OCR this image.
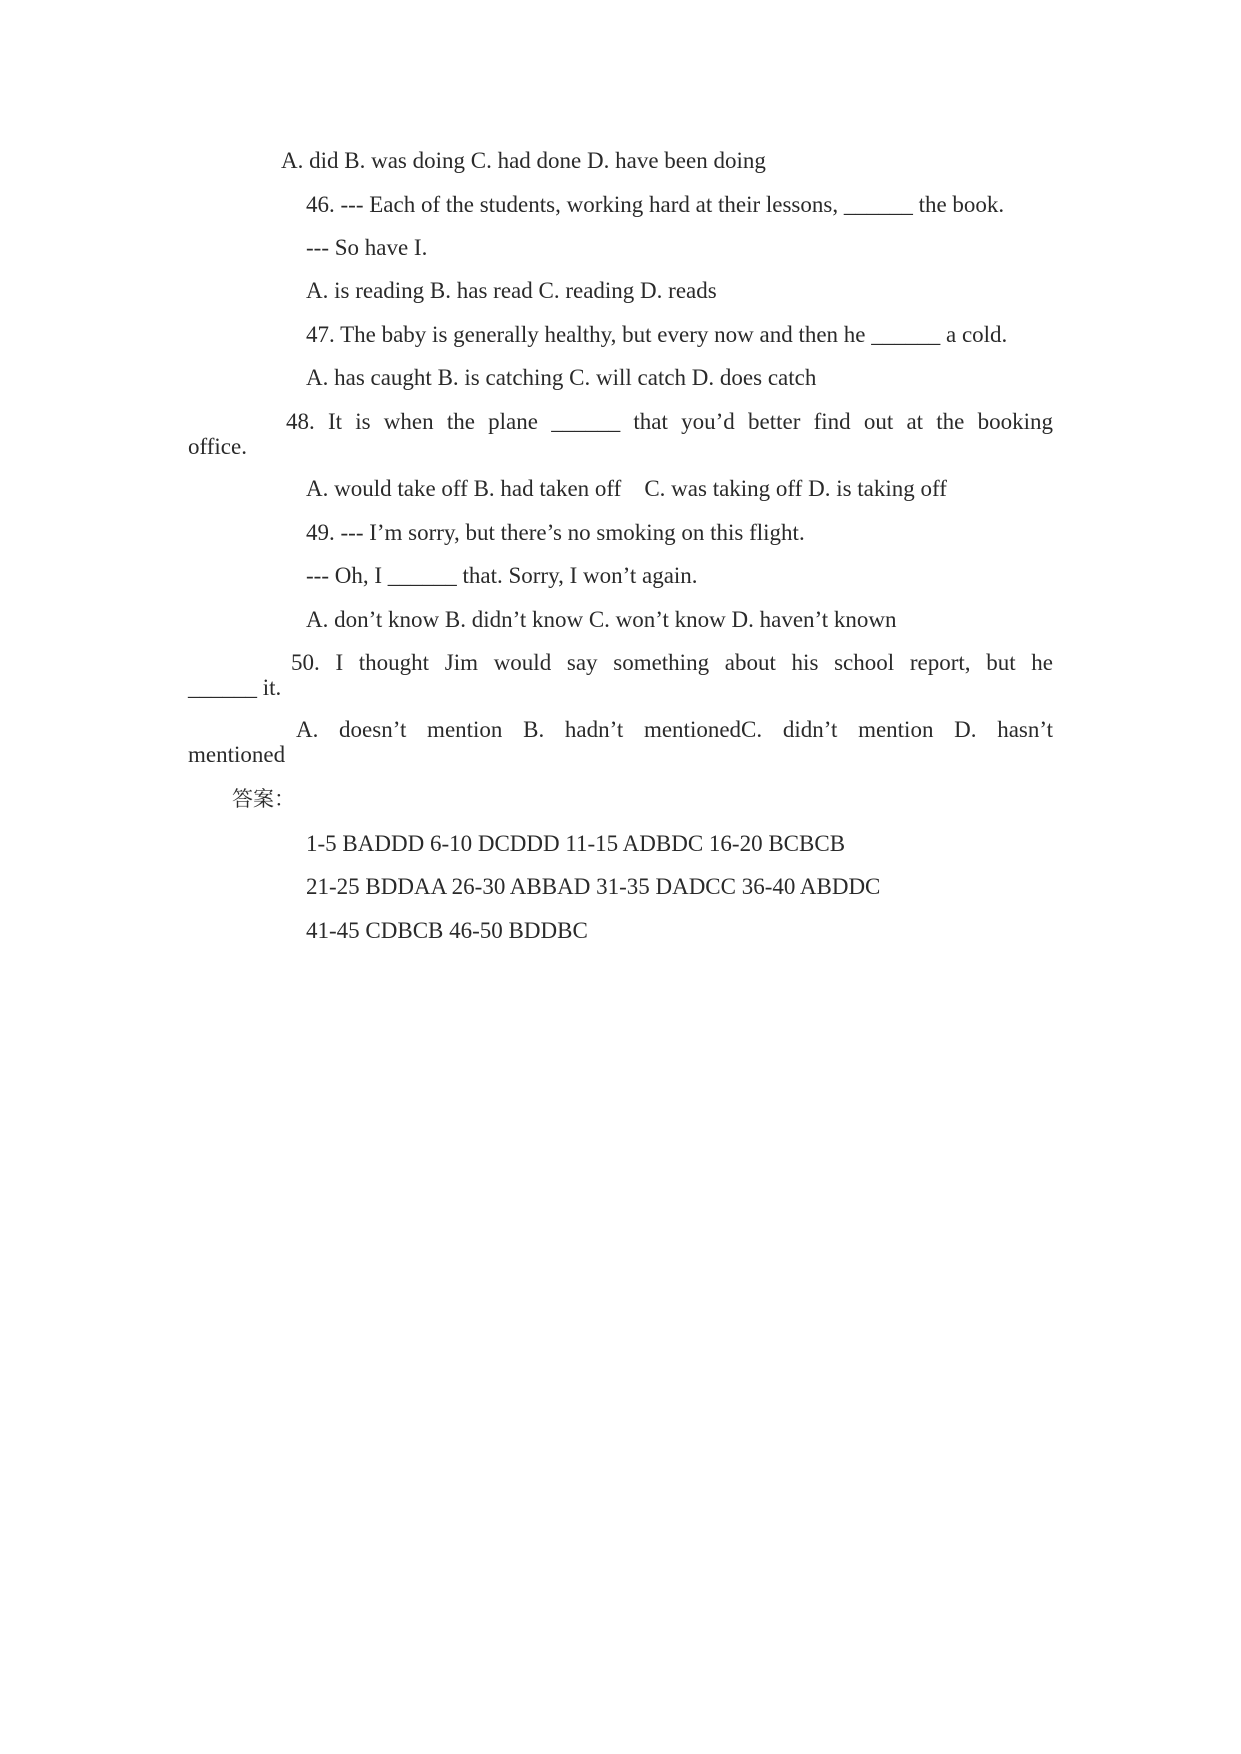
A. did B. was doing C. had done D. have been doing
46. --- Each of the students, working hard at their lessons, ______ the book.
--- So have I.
A. is reading B. has read C. reading D. reads
47. The baby is generally healthy, but every now and then he ______ a cold.
A. has caught B. is catching C. will catch D. does catch
48. It is when the plane ______ that you’d better find out at the booking
office.
A. would take off B. had taken off    C. was taking off D. is taking off
49. --- I’m sorry, but there’s no smoking on this flight.
--- Oh, I ______ that. Sorry, I won’t again.
A. don’t know B. didn’t know C. won’t know D. haven’t known
50. I thought Jim would say something about his school report, but he
______ it.
A. doesn’t mention B. hadn’t mentionedC. didn’t mention D. hasn’t
mentioned
答案：
1-5 BADDD 6-10 DCDDD 11-15 ADBDC 16-20 BCBCB
21-25 BDDAA 26-30 ABBAD 31-35 DADCC 36-40 ABDDC
41-45 CDBCB 46-50 BDDBC
